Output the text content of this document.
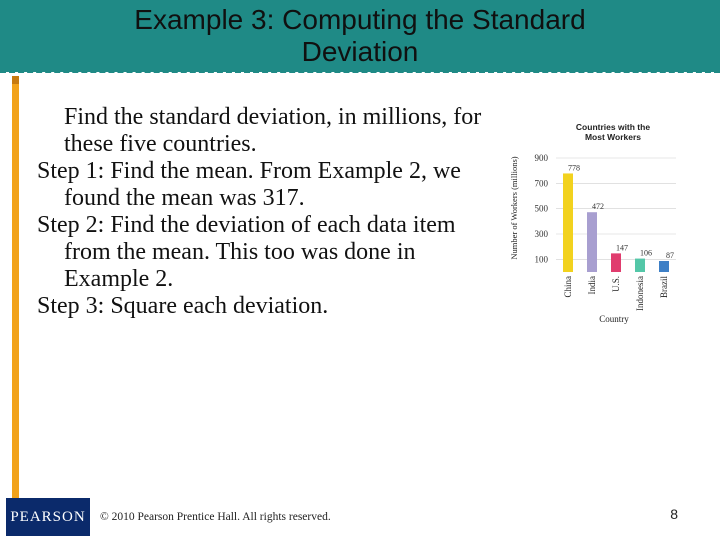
Example 3: Computing the Standard
Deviation

Find the standard deviation, in millions, for these five countries.

Step 1: Find the mean. From Example 2, we found the mean was 317.

Step 2: Find the deviation of each data item from the mean. This too was done in Example 2.

Step 3: Square each deviation.

Countries with the
Most Workers
Number of Workers (millions)
Country
100
300
500
700
900
778
China
472
India
147
U.S.
106
Indonesia
87
Brazil
PEARSON	© 2010 Pearson Prentice Hall. All rights reserved.	8
